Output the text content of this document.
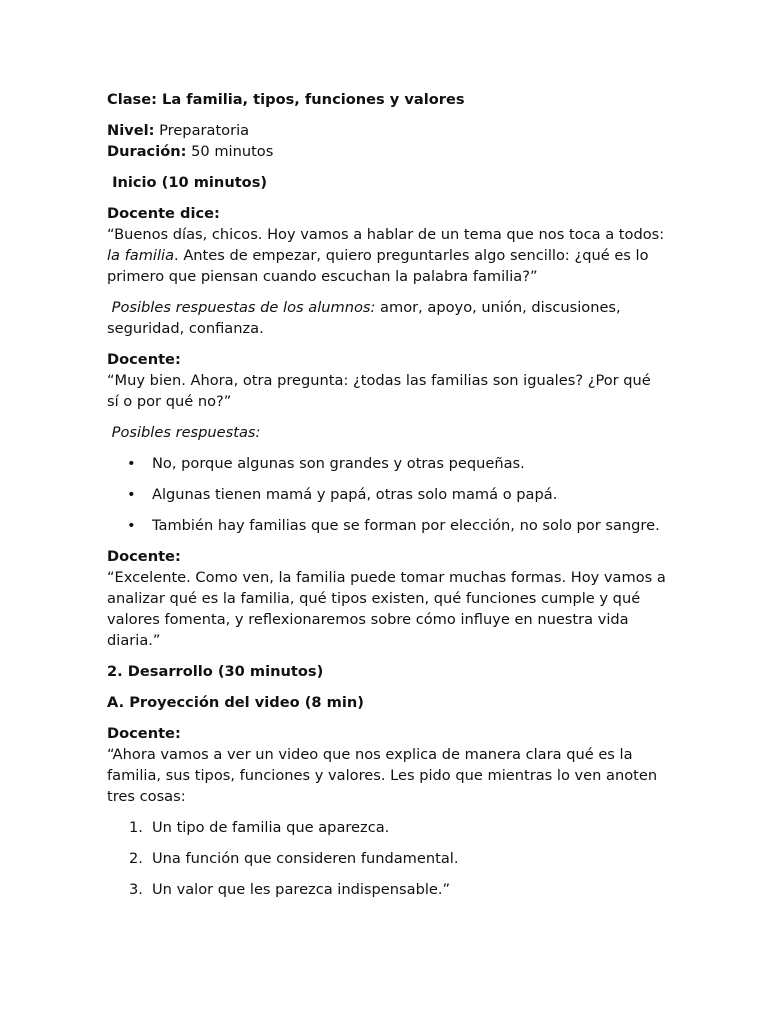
Clase: La familia, tipos, funciones y valores

Nivel: Preparatoria
Duración: 50 minutos

Inicio (10 minutos)

Docente dice:
“Buenos días, chicos. Hoy vamos a hablar de un tema que nos toca a todos: la familia. Antes de empezar, quiero preguntarles algo sencillo: ¿qué es lo primero que piensan cuando escuchan la palabra familia?”

Posibles respuestas de los alumnos: amor, apoyo, unión, discusiones, seguridad, confianza.

Docente:
“Muy bien. Ahora, otra pregunta: ¿todas las familias son iguales? ¿Por qué sí o por qué no?”

Posibles respuestas:

• No, porque algunas son grandes y otras pequeñas.
• Algunas tienen mamá y papá, otras solo mamá o papá.
• También hay familias que se forman por elección, no solo por sangre.

Docente:
“Excelente. Como ven, la familia puede tomar muchas formas. Hoy vamos a analizar qué es la familia, qué tipos existen, qué funciones cumple y qué valores fomenta, y reflexionaremos sobre cómo influye en nuestra vida diaria.”

2. Desarrollo (30 minutos)

A. Proyección del video (8 min)

Docente:
“Ahora vamos a ver un video que nos explica de manera clara qué es la familia, sus tipos, funciones y valores. Les pido que mientras lo ven anoten tres cosas:

1. Un tipo de familia que aparezca.
2. Una función que consideren fundamental.
3. Un valor que les parezca indispensable.”
